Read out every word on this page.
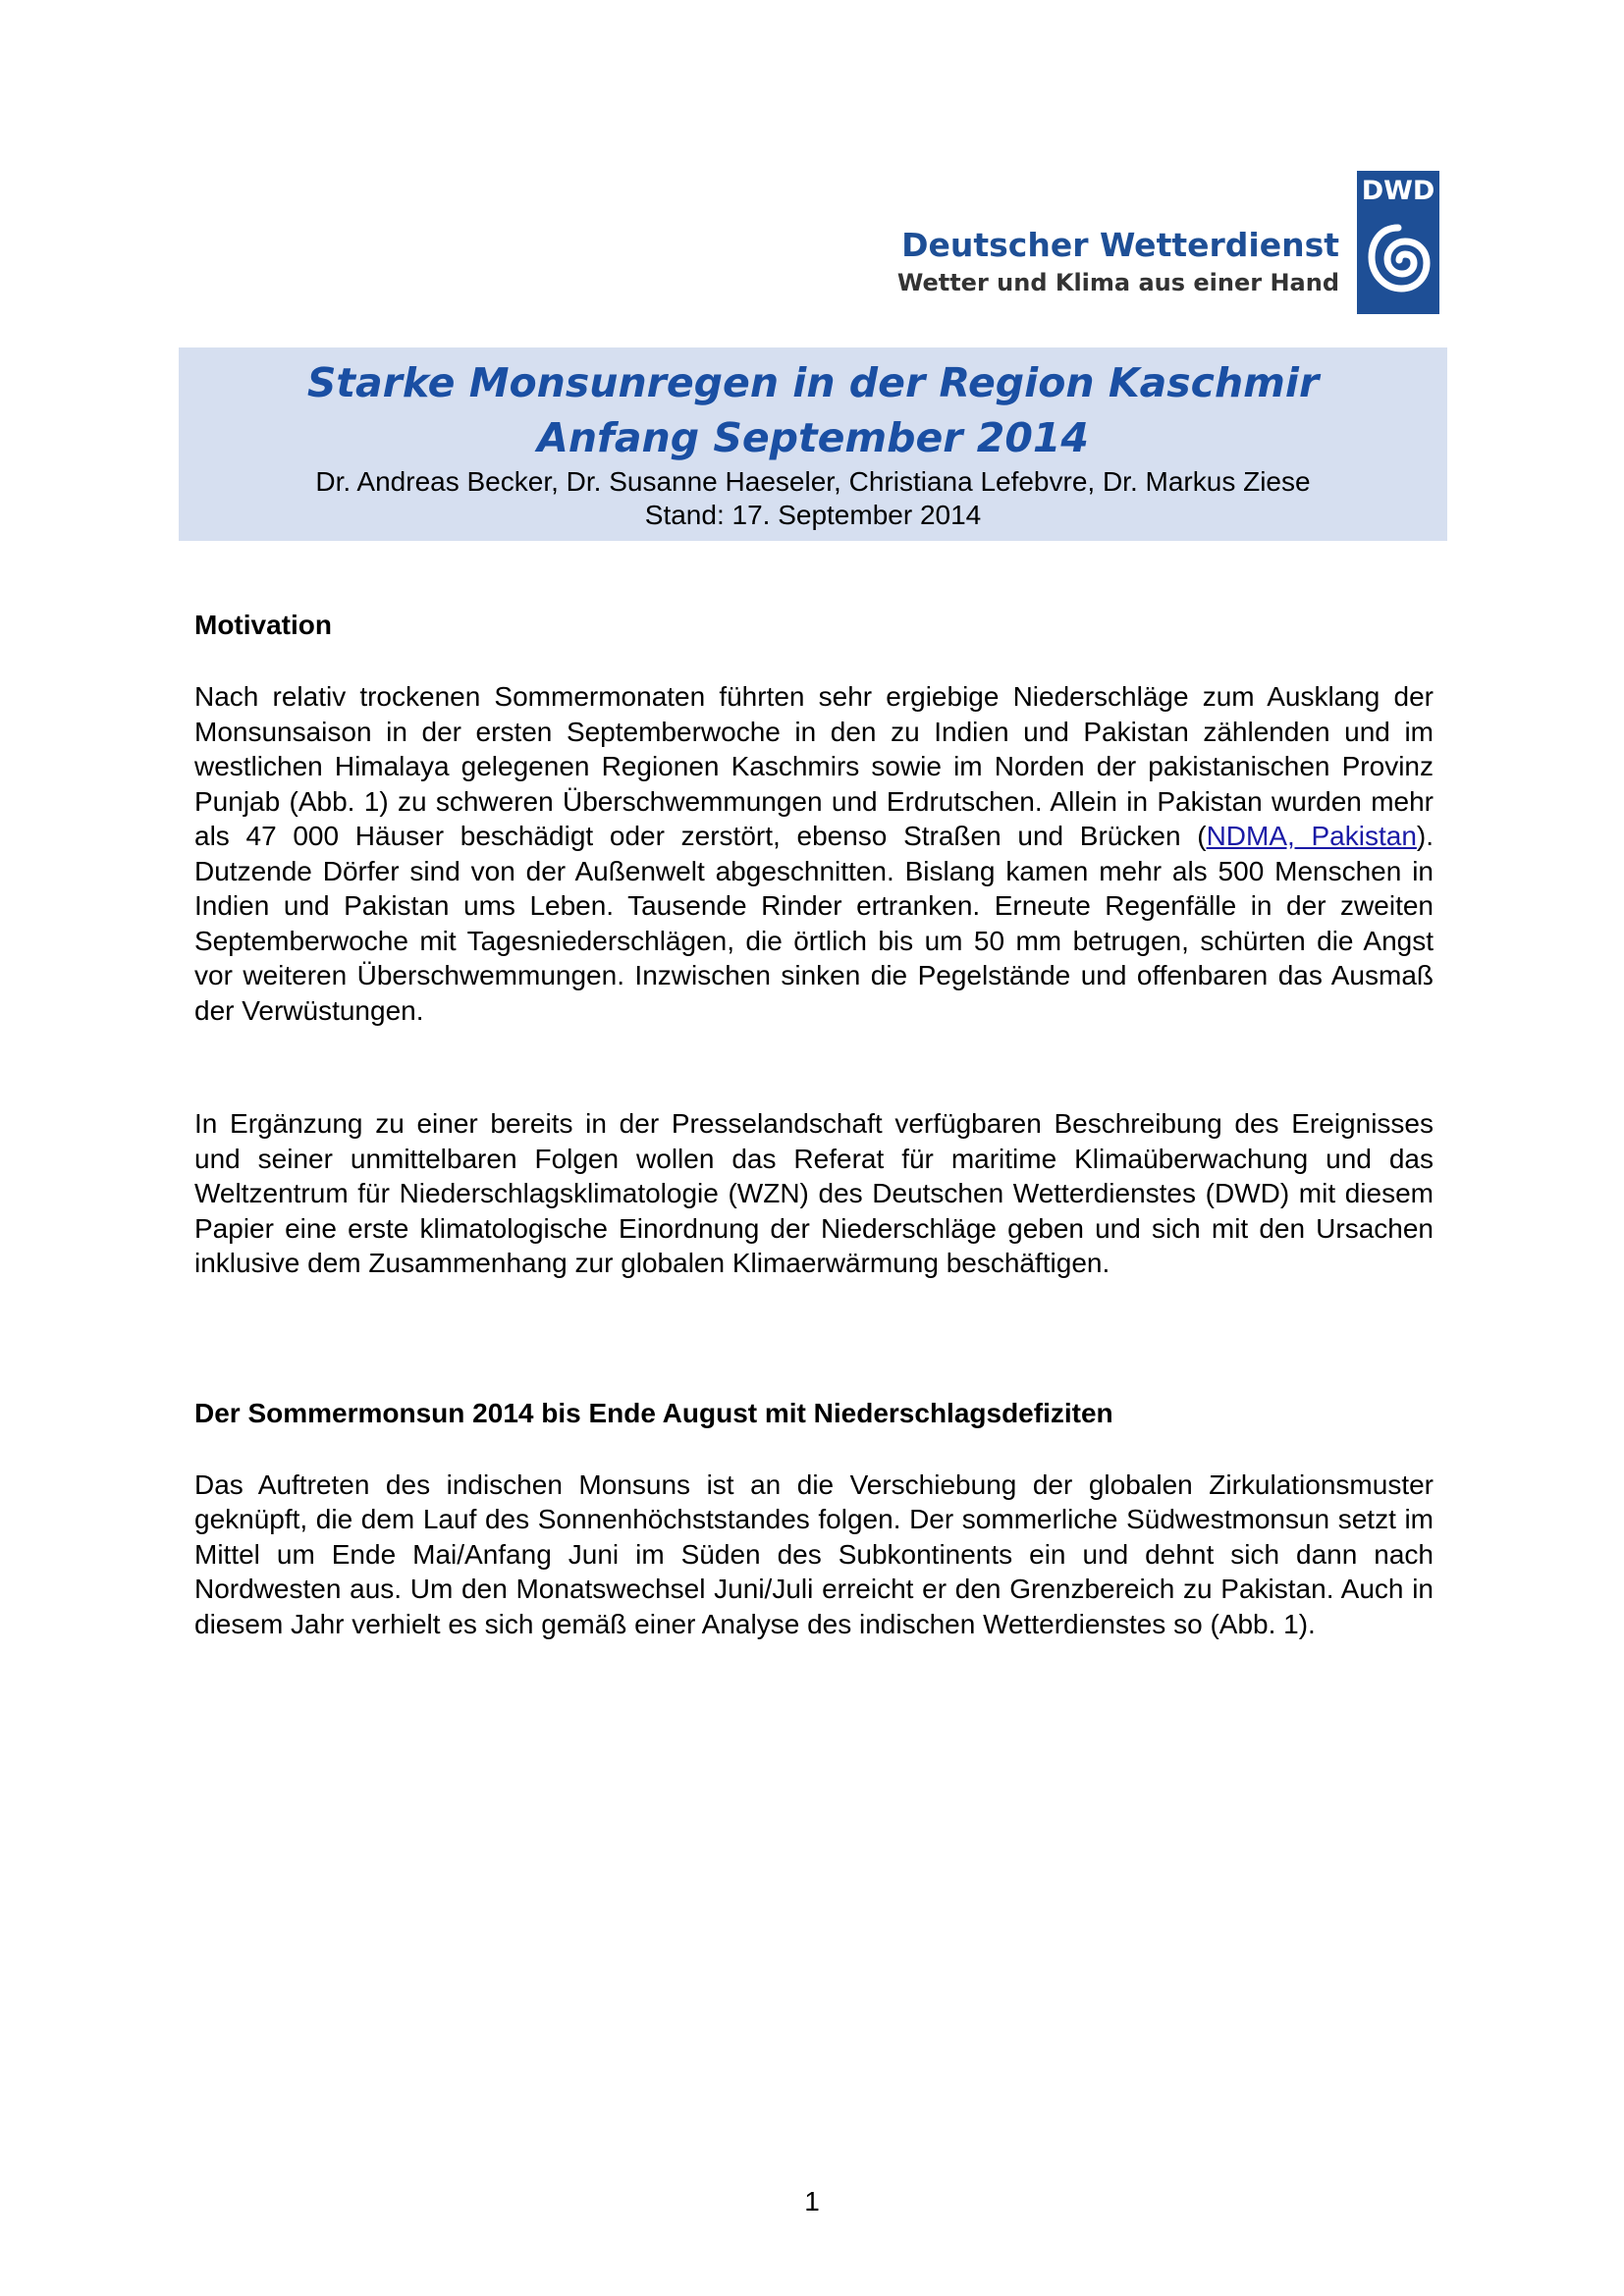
Deutscher Wetterdienst
Wetter und Klima aus einer Hand
DWD
Starke Monsunregen in der Region Kaschmir
Anfang September 2014
Dr. Andreas Becker, Dr. Susanne Haeseler, Christiana Lefebvre, Dr. Markus Ziese
Stand: 17. September 2014
Motivation

Nach relativ trockenen Sommermonaten führten sehr ergiebige Niederschläge zum Ausklang der Monsunsaison in der ersten Septemberwoche in den zu Indien und Pakistan zählenden und im westlichen Himalaya gelegenen Regionen Kaschmirs sowie im Norden der pakistanischen Provinz Punjab (Abb. 1) zu schweren Überschwemmungen und Erdrutschen. Allein in Pakistan wurden mehr als 47 000 Häuser beschädigt oder zerstört, ebenso Straßen und Brücken (NDMA, Pakistan). Dutzende Dörfer sind von der Außenwelt abgeschnitten. Bislang kamen mehr als 500 Menschen in Indien und Pakistan ums Leben. Tausende Rinder ertranken. Erneute Regenfälle in der zweiten Septemberwoche mit Tagesniederschlägen, die örtlich bis um 50 mm betrugen, schürten die Angst vor weiteren Überschwemmungen. Inzwischen sinken die Pegelstände und offenbaren das Ausmaß der Verwüstungen.

In Ergänzung zu einer bereits in der Presselandschaft verfügbaren Beschreibung des Ereignisses und seiner unmittelbaren Folgen wollen das Referat für maritime Klimaüberwachung und das Weltzentrum für Niederschlagsklimatologie (WZN) des Deutschen Wetterdienstes (DWD) mit diesem Papier eine erste klimatologische Einordnung der Niederschläge geben und sich mit den Ursachen inklusive dem Zusammenhang zur globalen Klimaerwärmung beschäftigen.

Der Sommermonsun 2014 bis Ende August mit Niederschlagsdefiziten

Das Auftreten des indischen Monsuns ist an die Verschiebung der globalen Zirkulationsmuster geknüpft, die dem Lauf des Sonnenhöchststandes folgen. Der sommerliche Südwestmonsun setzt im Mittel um Ende Mai/Anfang Juni im Süden des Subkontinents ein und dehnt sich dann nach Nordwesten aus. Um den Monatswechsel Juni/Juli erreicht er den Grenzbereich zu Pakistan. Auch in diesem Jahr verhielt es sich gemäß einer Analyse des indischen Wetterdienstes so (Abb. 1).

1
